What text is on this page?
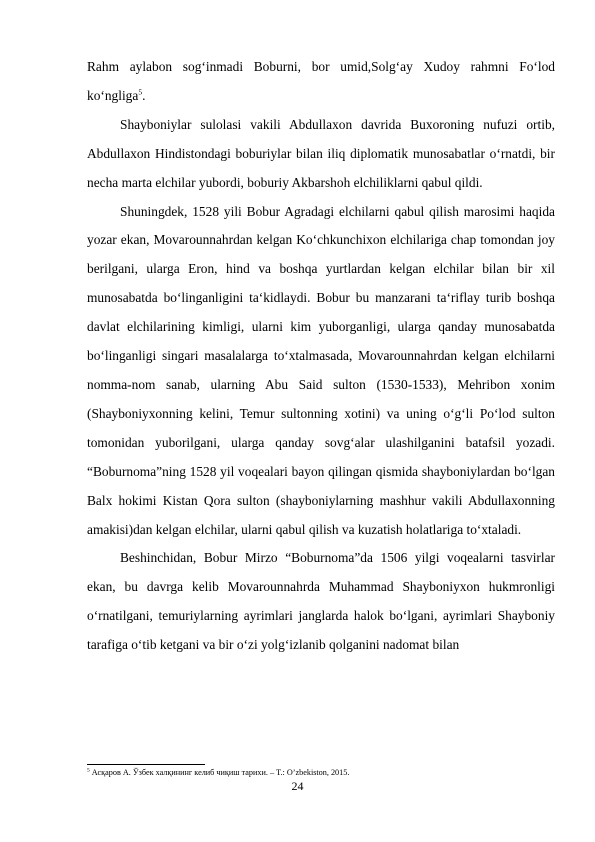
Rahm aylabon sogʻinmadi Boburni, bor umid,Solgʻay Xudoy rahmni Foʻlod koʻngliga$^5$.

Shayboniylar sulolasi vakili Abdullaxon davrida Buxoroning nufuzi ortib, Abdullaxon Hindistondagi boburiylar bilan iliq diplomatik munosabatlar oʻrnatdi, bir necha marta elchilar yubordi, boburiy Akbarshoh elchiliklarni qabul qildi.

Shuningdek, 1528 yili Bobur Agradagi elchilarni qabul qilish marosimi haqida yozar ekan, Movarounnahrdan kelgan Koʻchkunchixon elchilariga chap tomondan joy berilgani, ularga Eron, hind va boshqa yurtlardan kelgan elchilar bilan bir xil munosabatda boʻlinganligini taʻkidlaydi. Bobur bu manzarani taʻriflay turib boshqa davlat elchilarining kimligi, ularni kim yuborganligi, ularga qanday munosabatda boʻlinganligi singari masalalarga toʻxtalmasada, Movarounnahrdan kelgan elchilarni nomma-nom sanab, ularning Abu Said sulton (1530-1533), Mehribon xonim (Shayboniyxonning kelini, Temur sultonning xotini) va uning oʻgʻli Poʻlod sulton tomonidan yuborilgani, ularga qanday sovgʻalar ulashilganini batafsil yozadi. “Boburnoma”ning 1528 yil voqealari bayon qilingan qismida shayboniylardan boʻlgan Balx hokimi Kistan Qora sulton (shayboniylarning mashhur vakili Abdullaxonning amakisi)dan kelgan elchilar, ularni qabul qilish va kuzatish holatlariga toʻxtaladi.

Beshinchidan, Bobur Mirzo “Boburnoma”da 1506 yilgi voqealarni tasvirlar ekan, bu davrga kelib Movarounnahrda Muhammad Shayboniyxon hukmronligi oʻrnatilgani, temuriylarning ayrimlari janglarda halok boʻlgani, ayrimlari Shayboniy tarafiga oʻtib ketgani va bir oʻzi yolgʻizlanib qolganini nadomat bilan

$^5$ Асқаров А. Ўзбек халқининг келиб чиқиш тарихи. – T.: O’zbekiston, 2015.
24
